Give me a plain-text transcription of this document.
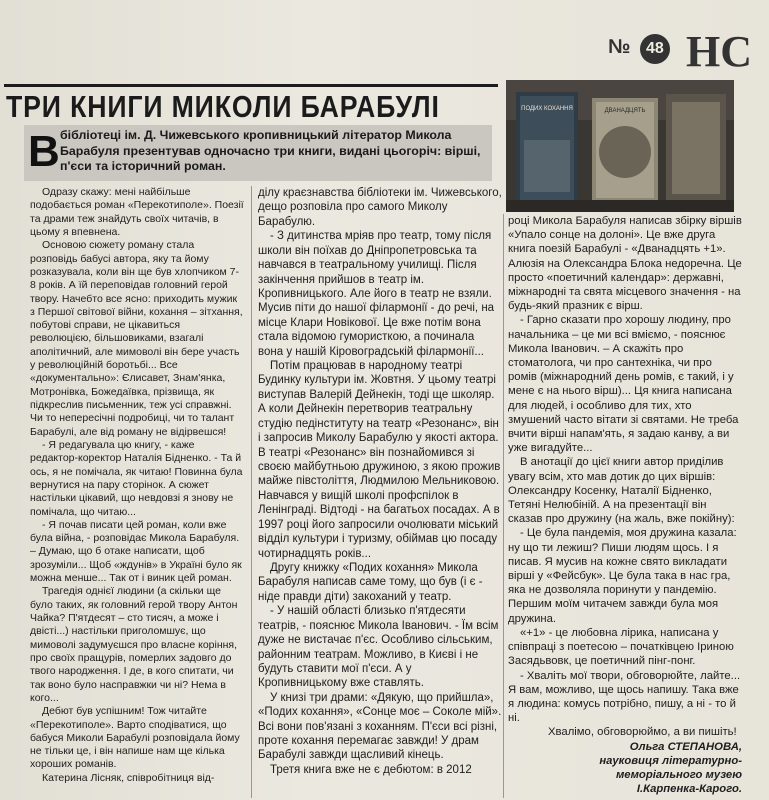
№ 48 НС
ТРИ КНИГИ МИКОЛИ БАРАБУЛІ	ПОДИХ КОХАННЯ	ДВАНАДЦЯТЬ
В бібліотеці ім. Д. Чижевського кропивницький літератор Микола Барабуля презентував одночасно три книги, видані цьогоріч: вірші, п'єси та історичний роман.

Одразу скажу: мені найбільше подобається роман «Перекотиполе». Поезії та драми теж знайдуть своїх читачів, в цьому я впевнена.

Основою сюжету романy стала розповідь бабусі автора, яку та йому розказувала, коли він ще був хлопчиком 7-8 років. А їй переповідав головний герой твору. Начебто все ясно: приходить мужик з Першої світової війни, кохання – зітхання, побутові справи, не цікавиться революцією, більшовиками, взагалі аполітичний, але мимоволі він бере участь у революційній боротьбі... Все «документально»: Єлисавет, Знам'янка, Мотронівка, Божедаївка, прізвища, як підкреслив письменник, теж усі справжні. Чи то непересічні подробиці, чи то талант Барабулі, але від роману не відірвешся!

- Я редагувала цю книгу, - каже редактор-коректор Наталія Бідненко. - Та й ось, я не помічала, як читаю! Повинна була вернутися на пару сторінок. А сюжет настільки цікавий, що невдовзі я знову не помічала, що читаю...

- Я почав писати цей роман, коли вже була війна, - розповідає Микола Барабуля. – Думаю, що б отаке написати, щоб зрозуміли... Щоб «ждунів» в Україні було як можна менше... Так от і виник цей роман.

Трагедія однієї людини (а скільки ще було таких, як головний герой твору Антон Чайка? П'ятдесят – сто тисяч, а може і двісті...) настільки приголомшує, що мимоволі задумуєшся про власне коріння, про своїх пращурів, померлих задовго до твого народження. І де, в кого спитати, чи так воно було насправжки чи ні? Нема в кого...

Дебют був успішним! Тож читайте «Перекотиполе». Варто сподіватися, що бабуся Миколи Барабулі розповідала йому не тільки це, і він напише нам ще кілька хороших романів.

Катерина Лісняк, співробітниця від-

ділу краєзнавства бібліотеки ім. Чижевського, дещо розповіла про самого Миколу Барабулю.

- З дитинства мріяв про театр, тому після школи він поїхав до Дніпропетровська та навчався в театральному училищі. Після закінчення прийшов в театр ім. Кропивницького. Але його в театр не взяли. Мусив піти до нашої філармонії - до речі, на місце Клари Новікової. Це вже потім вона стала відомою гумористкою, а починала вона у нашій Кіровоградській філармонії...

Потім працював в народному театрі Будинку культури ім. Жовтня. У цьому театрі виступав Валерій Дейнекін, тоді ще школяр. А коли Дейнекін перетворив театральну студію педінституту на театр «Резонанс», він і запросив Миколу Барабулю у якості актора. В театрі «Резонанс» він познайомився зі своєю майбутньою дружиною, з якою прожив майже півстоліття, Людмилою Мельниковою. Навчався у вищій школі профспілок в Ленінграді. Відтоді - на багатьох посадах. А в 1997 році його запросили очолювати міський відділ культури і туризму, обіймав цю посаду чотирнадцять років...

Другу книжку «Подих кохання» Микола Барабуля написав саме тому, що був (і є - ніде правди діти) закоханий у театр.

- У нашій області близько п'ятдесяти театрів, - пояснює Микола Іванович. - Їм всім дуже не вистачає п'єс. Особливо сільським, районним театрам. Можливо, в Києві і не будуть ставити мої п'єси. А у Кропивницькому вже ставлять.

У книзі три драми: «Дякую, що прийшла», «Подих кохання», «Сонце моє – Соколе мій». Всі вони пов'язані з коханням. П'єси всі різні, проте кохання перемагає завжди! У драм Барабулі завжди щасливий кінець.

Третя книга вже не є дебютом: в 2012

році Микола Барабуля написав збірку віршів «Упало сонце на долоні». Це вже друга книга поезій Барабулі - «Дванадцять +1». Алюзія на Олександра Блока недоречна. Це просто «поетичний календар»: державні, міжнародні та свята місцевого значення - на будь-який празник є вірш.

- Гарно сказати про хорошу людину, про начальника – це ми всі вміємо, - пояснює Микола Іванович. – А скажіть про стоматолога, чи про сантехніка, чи про ромів (міжнародний день ромів, є такий, і у мене є на нього вірш)... Ця книга написана для людей, і особливо для тих, хто змушений часто вітати зі святами. Не треба вчити вірші напам'ять, я задаю канву, а ви уже вигадуйте...

В анотації до цієї книги автор приділив увагу всім, хто мав дотик до цих віршів: Олександру Косенку, Наталії Бідненко, Тетяні Нелюбіній. А на презентації він сказав про дружину (на жаль, вже покійну):

- Це була пандемія, моя дружина казала: ну що ти лежиш? Пиши людям щось. І я писав. Я мусив на кожне свято викладати вірші у «Фейсбук». Це була така в нас гра, яка не дозволяла поринути у пандемію. Першим моїм читачем завжди була моя дружина.

«+1» - це любовна лірика, написана у співпраці з поетесою – початківцею Іриною Засядьвовк, це поетичний пінг-понг.

- Хваліть мої твори, обговорюйте, лайте... Я вам, можливо, ще щось напишу. Така вже я людина: комусь потрібно, пишу, а ні - то й ні.

Хвалімо, обговорюймо, а ви пишіть!

Ольга СТЕПАНОВА,

науковиця літературно-

меморіального музею

І.Карпенка-Карого.
